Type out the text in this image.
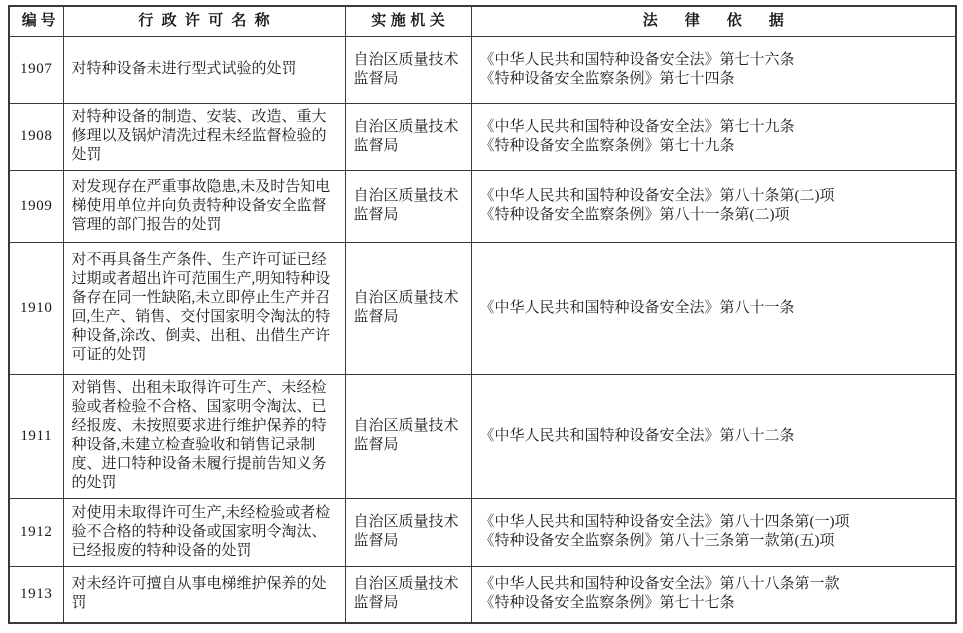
编号	行政许可名称	实施机关	法律依据
1907	对特种设备未进行型式试验的处罚	自治区质量技术监督局	《中华人民共和国特种设备安全法》第七十六条
《特种设备安全监察条例》第七十四条

1908	对特种设备的制造、安装、改造、重大修理以及锅炉清洗过程未经监督检验的处罚	自治区质量技术监督局	《中华人民共和国特种设备安全法》第七十九条
《特种设备安全监察条例》第七十九条

1909	对发现存在严重事故隐患,未及时告知电梯使用单位并向负责特种设备安全监督管理的部门报告的处罚	自治区质量技术监督局	《中华人民共和国特种设备安全法》第八十条第(二)项
《特种设备安全监察条例》第八十一条第(二)项

1910	对不再具备生产条件、生产许可证已经过期或者超出许可范围生产,明知特种设备存在同一性缺陷,未立即停止生产并召回,生产、销售、交付国家明令淘汰的特种设备,涂改、倒卖、出租、出借生产许可证的处罚	自治区质量技术监督局	《中华人民共和国特种设备安全法》第八十一条

1911	对销售、出租未取得许可生产、未经检验或者检验不合格、国家明令淘汰、已经报废、未按照要求进行维护保养的特种设备,未建立检查验收和销售记录制度、进口特种设备未履行提前告知义务的处罚	自治区质量技术监督局	《中华人民共和国特种设备安全法》第八十二条

1912	对使用未取得许可生产,未经检验或者检验不合格的特种设备或国家明令淘汰、已经报废的特种设备的处罚	自治区质量技术监督局	《中华人民共和国特种设备安全法》第八十四条第(一)项
《特种设备安全监察条例》第八十三条第一款第(五)项

1913	对未经许可擅自从事电梯维护保养的处罚	自治区质量技术监督局	《中华人民共和国特种设备安全法》第八十八条第一款
《特种设备安全监察条例》第七十七条
